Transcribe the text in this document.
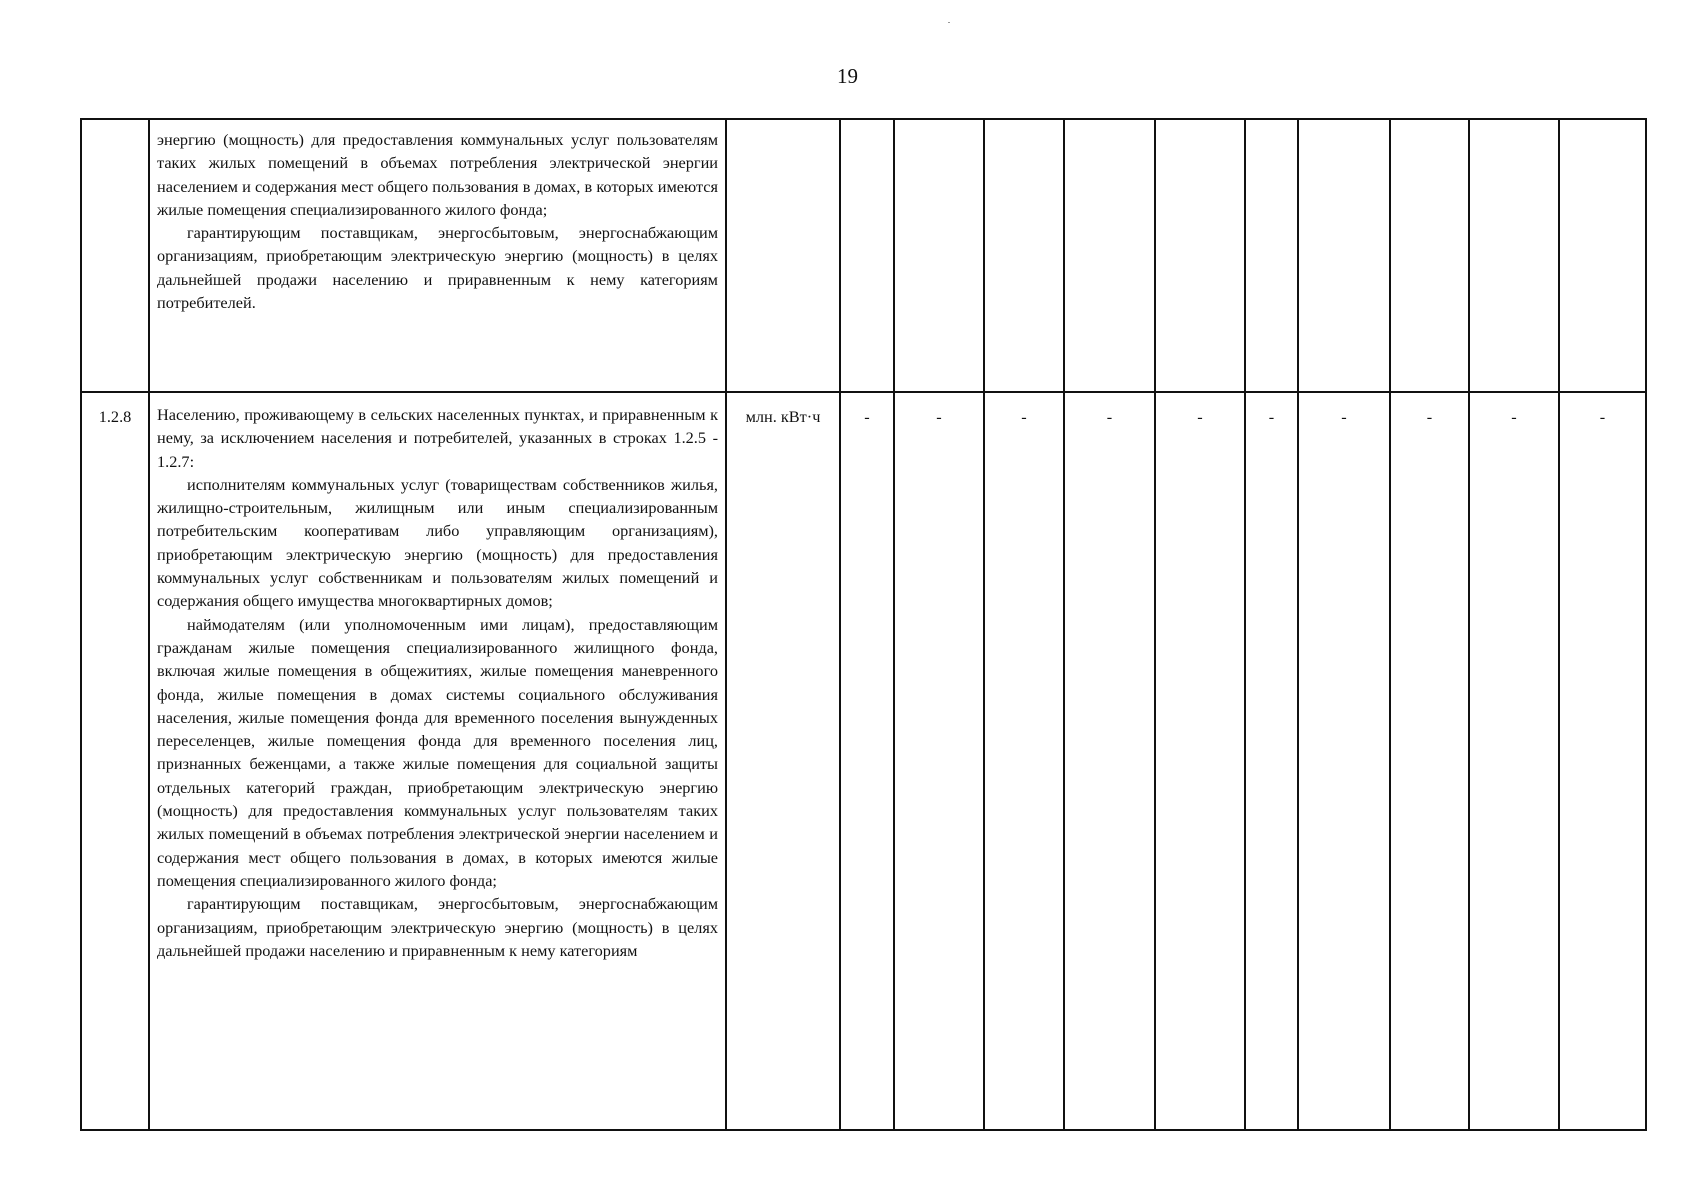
19

	энергию (мощность) для предоставления коммунальных услуг пользователям таких жилых помещений в объемах потребления электрической энергии населением и содержания мест общего пользования в домах, в которых имеются жилые помещения специализированного жилого фонда;

гарантирующим поставщикам, энергосбытовым, энергоснабжающим организациям, приобретающим электрическую энергию (мощность) в целях дальнейшей продажи населению и приравненным к нему категориям потребителей.											

1.2.8	Населению, проживающему в сельских населенных пунктах, и приравненным к нему, за исключением населения и потребителей, указанных в строках 1.2.5 - 1.2.7:

исполнителям коммунальных услуг (товариществам собственников жилья, жилищно-строительным, жилищным или иным специализированным потребительским кооперативам либо управляющим организациям), приобретающим электрическую энергию (мощность) для предоставления коммунальных услуг собственникам и пользователям жилых помещений и содержания общего имущества многоквартирных домов;

наймодателям (или уполномоченным ими лицам), предоставляющим гражданам жилые помещения специализированного жилищного фонда, включая жилые помещения в общежитиях, жилые помещения маневренного фонда, жилые помещения в домах системы социального обслуживания населения, жилые помещения фонда для временного поселения вынужденных переселенцев, жилые помещения фонда для временного поселения лиц, признанных беженцами, а также жилые помещения для социальной защиты отдельных категорий граждан, приобретающим электрическую энергию (мощность) для предоставления коммунальных услуг пользователям таких жилых помещений в объемах потребления электрической энергии населением и содержания мест общего пользования в домах, в которых имеются жилые помещения специализированного жилого фонда;

гарантирующим поставщикам, энергосбытовым, энергоснабжающим организациям, приобретающим электрическую энергию (мощность) в целях дальнейшей продажи населению и приравненным к нему категориям	млн. кВт·ч	-	-	-	-	-	-	-	-	-	-
